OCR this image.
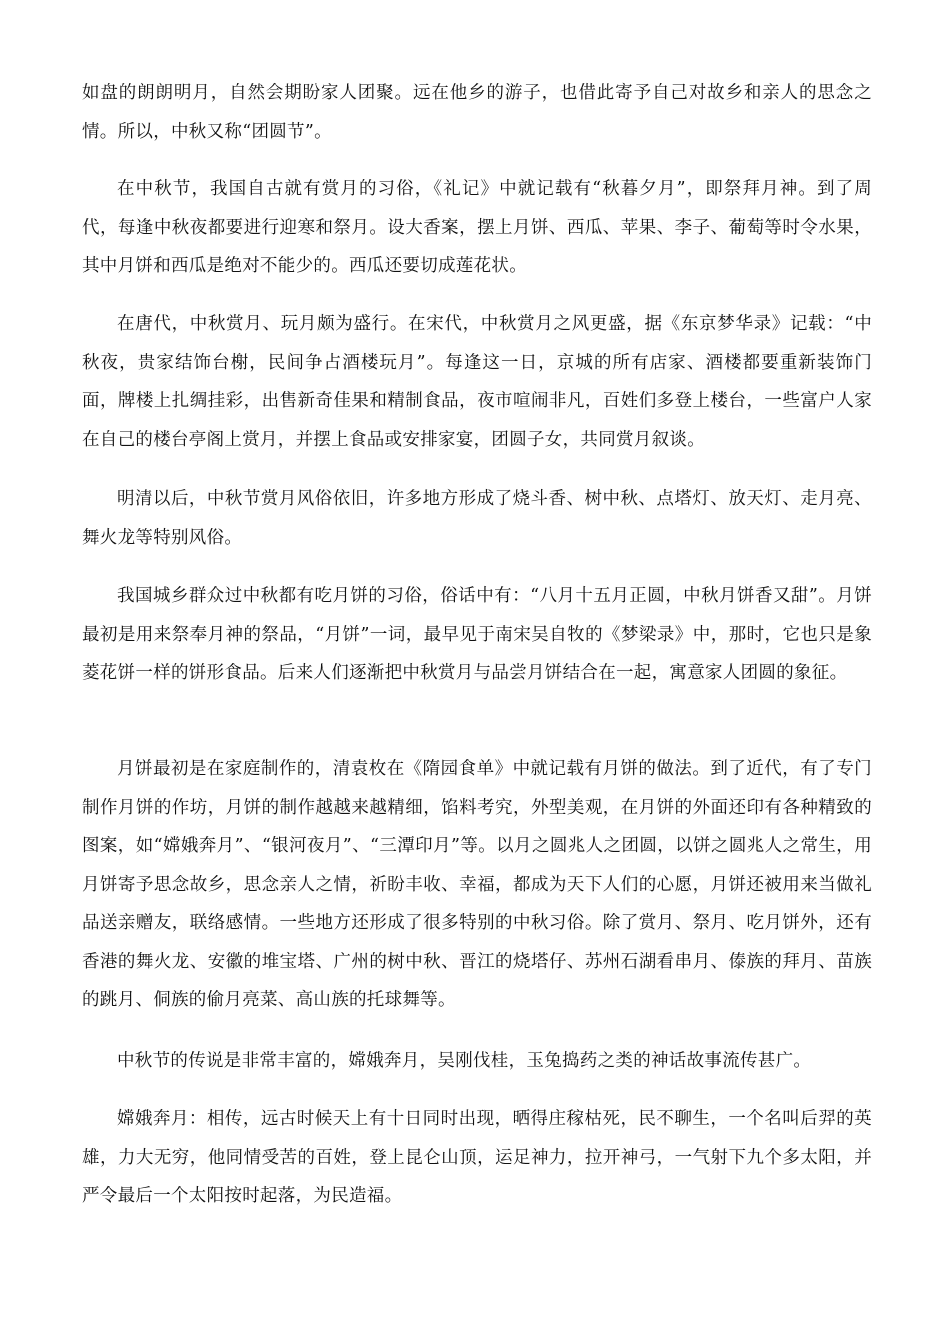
如盘的朗朗明月，自然会期盼家人团聚。远在他乡的游子，也借此寄予自己对故乡和亲人的思念之情。所以，中秋又称“团圆节”。

在中秋节，我国自古就有赏月的习俗，《礼记》中就记载有“秋暮夕月”，即祭拜月神。到了周代，每逢中秋夜都要进行迎寒和祭月。设大香案，摆上月饼、西瓜、苹果、李子、葡萄等时令水果，其中月饼和西瓜是绝对不能少的。西瓜还要切成莲花状。

在唐代，中秋赏月、玩月颇为盛行。在宋代，中秋赏月之风更盛，据《东京梦华录》记载：“中秋夜，贵家结饰台榭，民间争占酒楼玩月”。每逢这一日，京城的所有店家、酒楼都要重新装饰门面，牌楼上扎绸挂彩，出售新奇佳果和精制食品，夜市喧闹非凡，百姓们多登上楼台，一些富户人家在自己的楼台亭阁上赏月，并摆上食品或安排家宴，团圆子女，共同赏月叙谈。

明清以后，中秋节赏月风俗依旧，许多地方形成了烧斗香、树中秋、点塔灯、放天灯、走月亮、舞火龙等特别风俗。

我国城乡群众过中秋都有吃月饼的习俗，俗话中有：“八月十五月正圆，中秋月饼香又甜”。月饼最初是用来祭奉月神的祭品，“月饼”一词，最早见于南宋吴自牧的《梦梁录》中，那时，它也只是象菱花饼一样的饼形食品。后来人们逐渐把中秋赏月与品尝月饼结合在一起，寓意家人团圆的象征。

月饼最初是在家庭制作的，清袁枚在《隋园食单》中就记载有月饼的做法。到了近代，有了专门制作月饼的作坊，月饼的制作越越来越精细，馅料考究，外型美观，在月饼的外面还印有各种精致的图案，如“嫦娥奔月”、“银河夜月”、“三潭印月”等。以月之圆兆人之团圆，以饼之圆兆人之常生，用月饼寄予思念故乡，思念亲人之情，祈盼丰收、幸福，都成为天下人们的心愿，月饼还被用来当做礼品送亲赠友，联络感情。一些地方还形成了很多特别的中秋习俗。除了赏月、祭月、吃月饼外，还有香港的舞火龙、安徽的堆宝塔、广州的树中秋、晋江的烧塔仔、苏州石湖看串月、傣族的拜月、苗族的跳月、侗族的偷月亮菜、高山族的托球舞等。

中秋节的传说是非常丰富的，嫦娥奔月，吴刚伐桂，玉兔捣药之类的神话故事流传甚广。

嫦娥奔月：相传，远古时候天上有十日同时出现，晒得庄稼枯死，民不聊生，一个名叫后羿的英雄，力大无穷，他同情受苦的百姓，登上昆仑山顶，运足神力，拉开神弓，一气射下九个多太阳，并严令最后一个太阳按时起落，为民造福。
